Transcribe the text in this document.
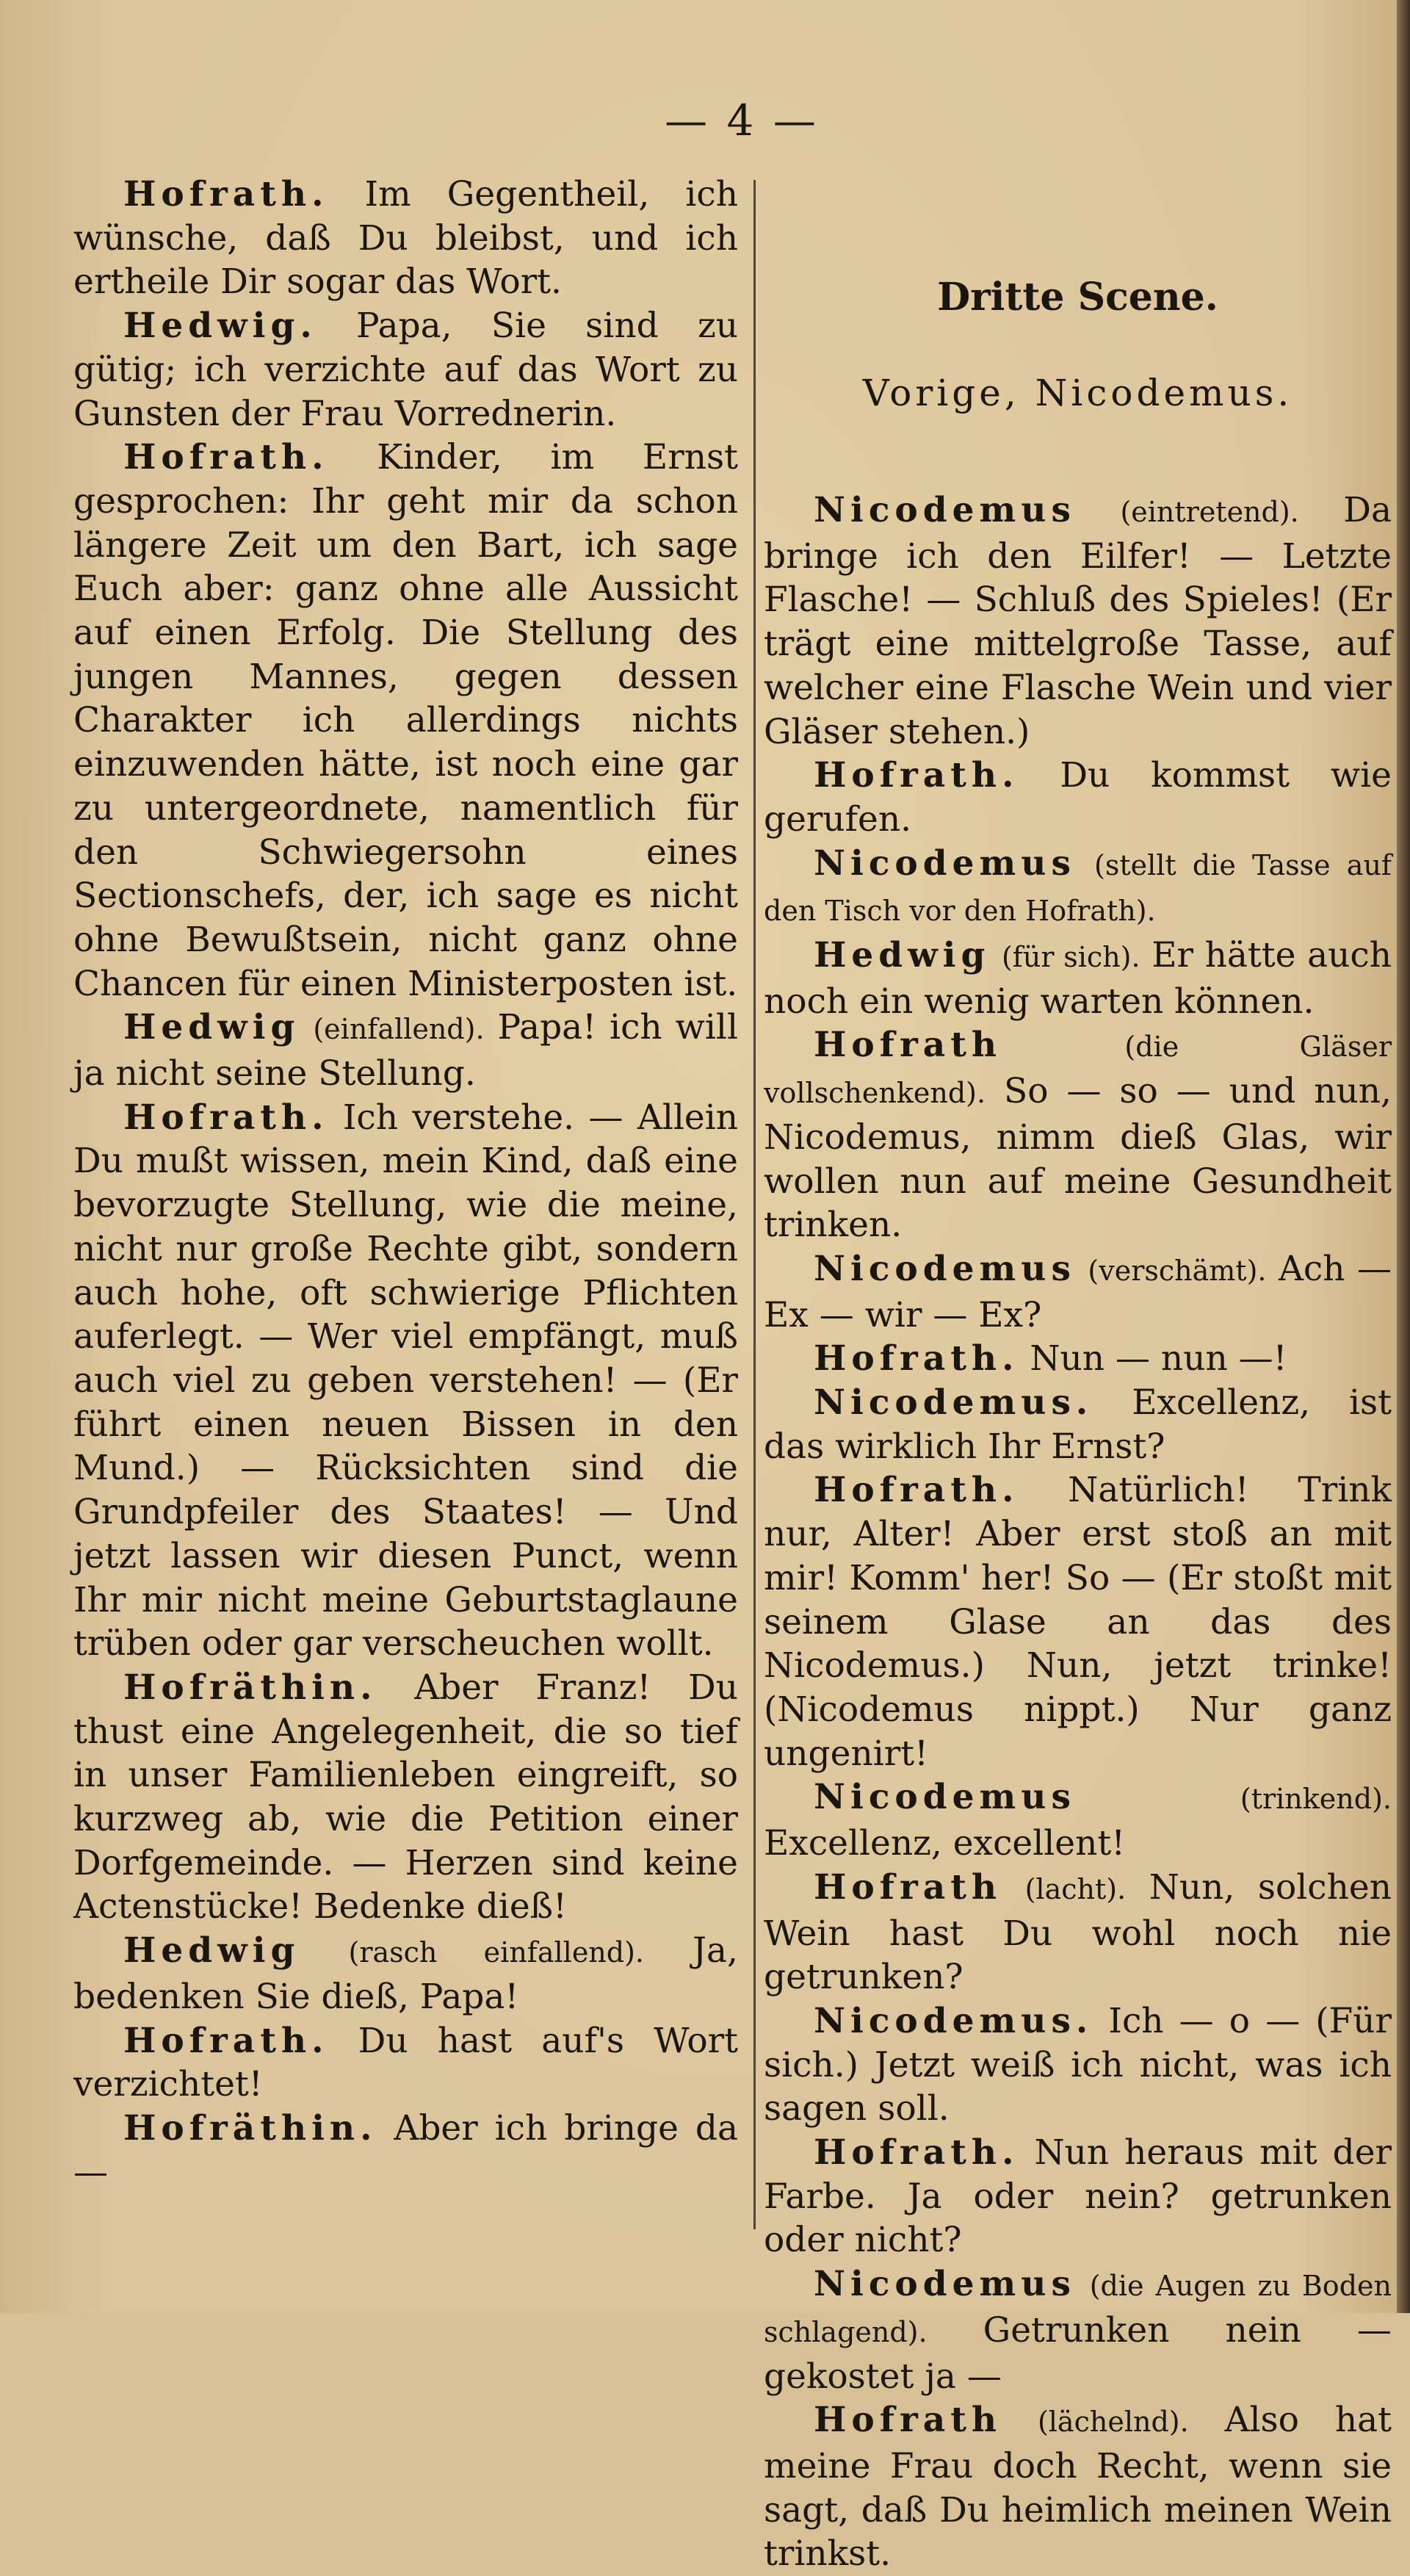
— 4 —

Hofrath. Im Gegentheil, ich wünsche, daß Du bleibst, und ich ertheile Dir sogar das Wort.

Hedwig. Papa, Sie sind zu gütig; ich verzichte auf das Wort zu Gunsten der Frau Vorrednerin.

Hofrath. Kinder, im Ernst gesprochen: Ihr geht mir da schon längere Zeit um den Bart, ich sage Euch aber: ganz ohne alle Aussicht auf einen Erfolg. Die Stellung des jungen Mannes, gegen dessen Charakter ich allerdings nichts einzuwenden hätte, ist noch eine gar zu untergeordnete, namentlich für den Schwiegersohn eines Sectionschefs, der, ich sage es nicht ohne Bewußtsein, nicht ganz ohne Chancen für einen Ministerposten ist.

Hedwig (einfallend). Papa! ich will ja nicht seine Stellung.

Hofrath. Ich verstehe. — Allein Du mußt wissen, mein Kind, daß eine bevorzugte Stellung, wie die meine, nicht nur große Rechte gibt, sondern auch hohe, oft schwierige Pflichten auferlegt. — Wer viel empfängt, muß auch viel zu geben verstehen! — (Er führt einen neuen Bissen in den Mund.) — Rücksichten sind die Grundpfeiler des Staates! — Und jetzt lassen wir diesen Punct, wenn Ihr mir nicht meine Geburtstaglaune trüben oder gar verscheuchen wollt.

Hofräthin. Aber Franz! Du thust eine Angelegenheit, die so tief in unser Familienleben eingreift, so kurzweg ab, wie die Petition einer Dorfgemeinde. — Herzen sind keine Actenstücke! Bedenke dieß!

Hedwig (rasch einfallend). Ja, bedenken Sie dieß, Papa!

Hofrath. Du hast auf's Wort verzichtet!

Hofräthin. Aber ich bringe da —

Dritte Scene.
Vorige, Nicodemus.

Nicodemus (eintretend). Da bringe ich den Eilfer! — Letzte Flasche! — Schluß des Spieles! (Er trägt eine mittelgroße Tasse, auf welcher eine Flasche Wein und vier Gläser stehen.)

Hofrath. Du kommst wie gerufen.

Nicodemus (stellt die Tasse auf den Tisch vor den Hofrath).

Hedwig (für sich). Er hätte auch noch ein wenig warten können.

Hofrath	(die Gläser vollschenkend). So — so — und nun, Nicodemus, nimm dieß Glas, wir wollen nun auf meine Gesundheit trinken.

Nicodemus (verschämt). Ach — Ex — wir — Ex?

Hofrath. Nun — nun —!

Nicodemus. Excellenz, ist das wirklich Ihr Ernst?

Hofrath. Natürlich! Trink nur, Alter! Aber erst stoß an mit mir! Komm' her! So — (Er stoßt mit seinem Glase an das des Nicodemus.) Nun, jetzt trinke! (Nicodemus nippt.) Nur ganz ungenirt!

Nicodemus	(trinkend). Excellenz, excellent!

Hofrath (lacht). Nun, solchen Wein hast Du wohl noch nie getrunken?

Nicodemus. Ich — o — (Für sich.) Jetzt weiß ich nicht, was ich sagen soll.

Hofrath. Nun heraus mit der Farbe. Ja oder nein? getrunken oder nicht?

Nicodemus (die Augen zu Boden schlagend). Getrunken nein — gekostet ja —

Hofrath (lächelnd). Also hat meine Frau doch Recht, wenn sie sagt, daß Du heimlich meinen Wein trinkst.
